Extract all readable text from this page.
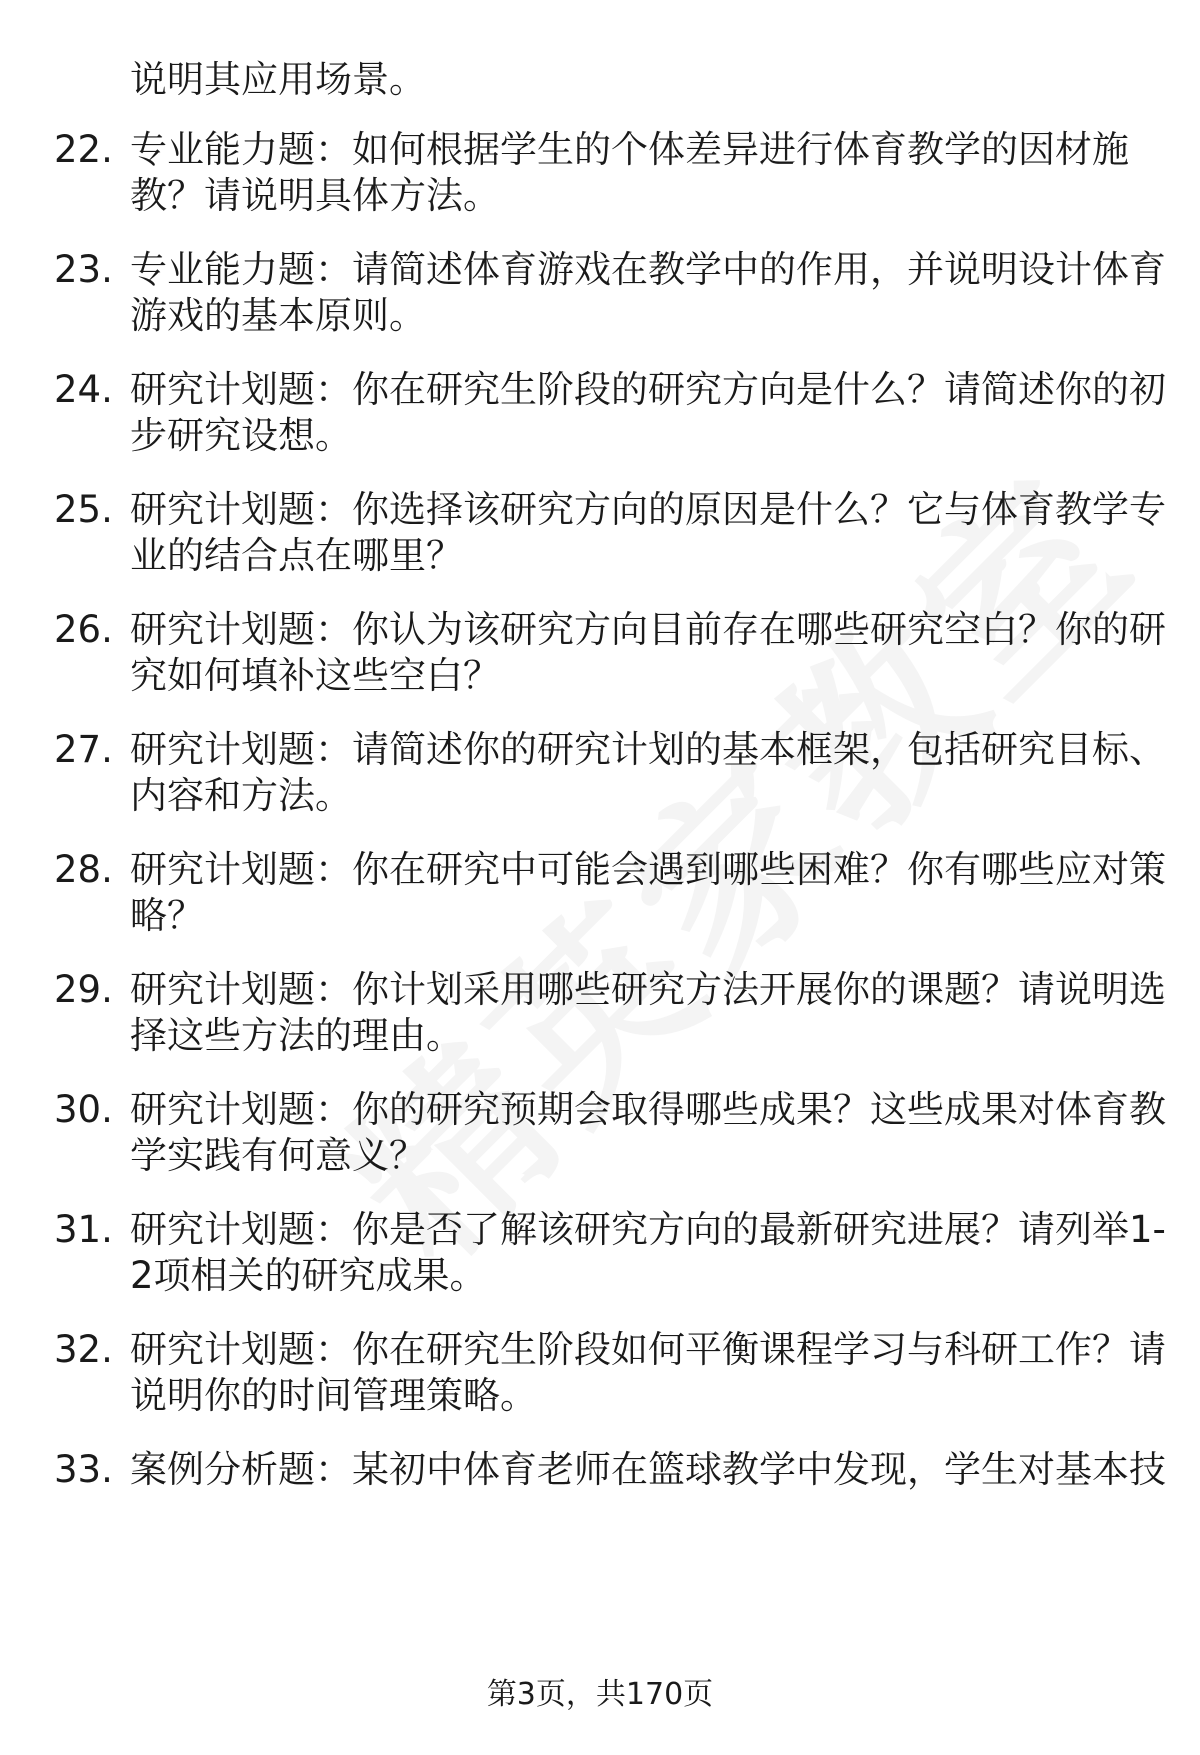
说明其应用场景。
22. 专业能力题：如何根据学生的个体差异进行体育教学的因材施
教？请说明具体方法。
23. 专业能力题：请简述体育游戏在教学中的作用，并说明设计体育
游戏的基本原则。
24. 研究计划题：你在研究生阶段的研究方向是什么？请简述你的初
步研究设想。
25. 研究计划题：你选择该研究方向的原因是什么？它与体育教学专
业的结合点在哪里？
26. 研究计划题：你认为该研究方向目前存在哪些研究空白？你的研
究如何填补这些空白？
27. 研究计划题：请简述你的研究计划的基本框架，包括研究目标、
内容和方法。
28. 研究计划题：你在研究中可能会遇到哪些困难？你有哪些应对策
略？
29. 研究计划题：你计划采用哪些研究方法开展你的课题？请说明选
择这些方法的理由。
30. 研究计划题：你的研究预期会取得哪些成果？这些成果对体育教
学实践有何意义？
31. 研究计划题：你是否了解该研究方向的最新研究进展？请列举1-
2项相关的研究成果。
32. 研究计划题：你在研究生阶段如何平衡课程学习与科研工作？请
说明你的时间管理策略。
33. 案例分析题：某初中体育老师在篮球教学中发现，学生对基本技
第3页，共170页
